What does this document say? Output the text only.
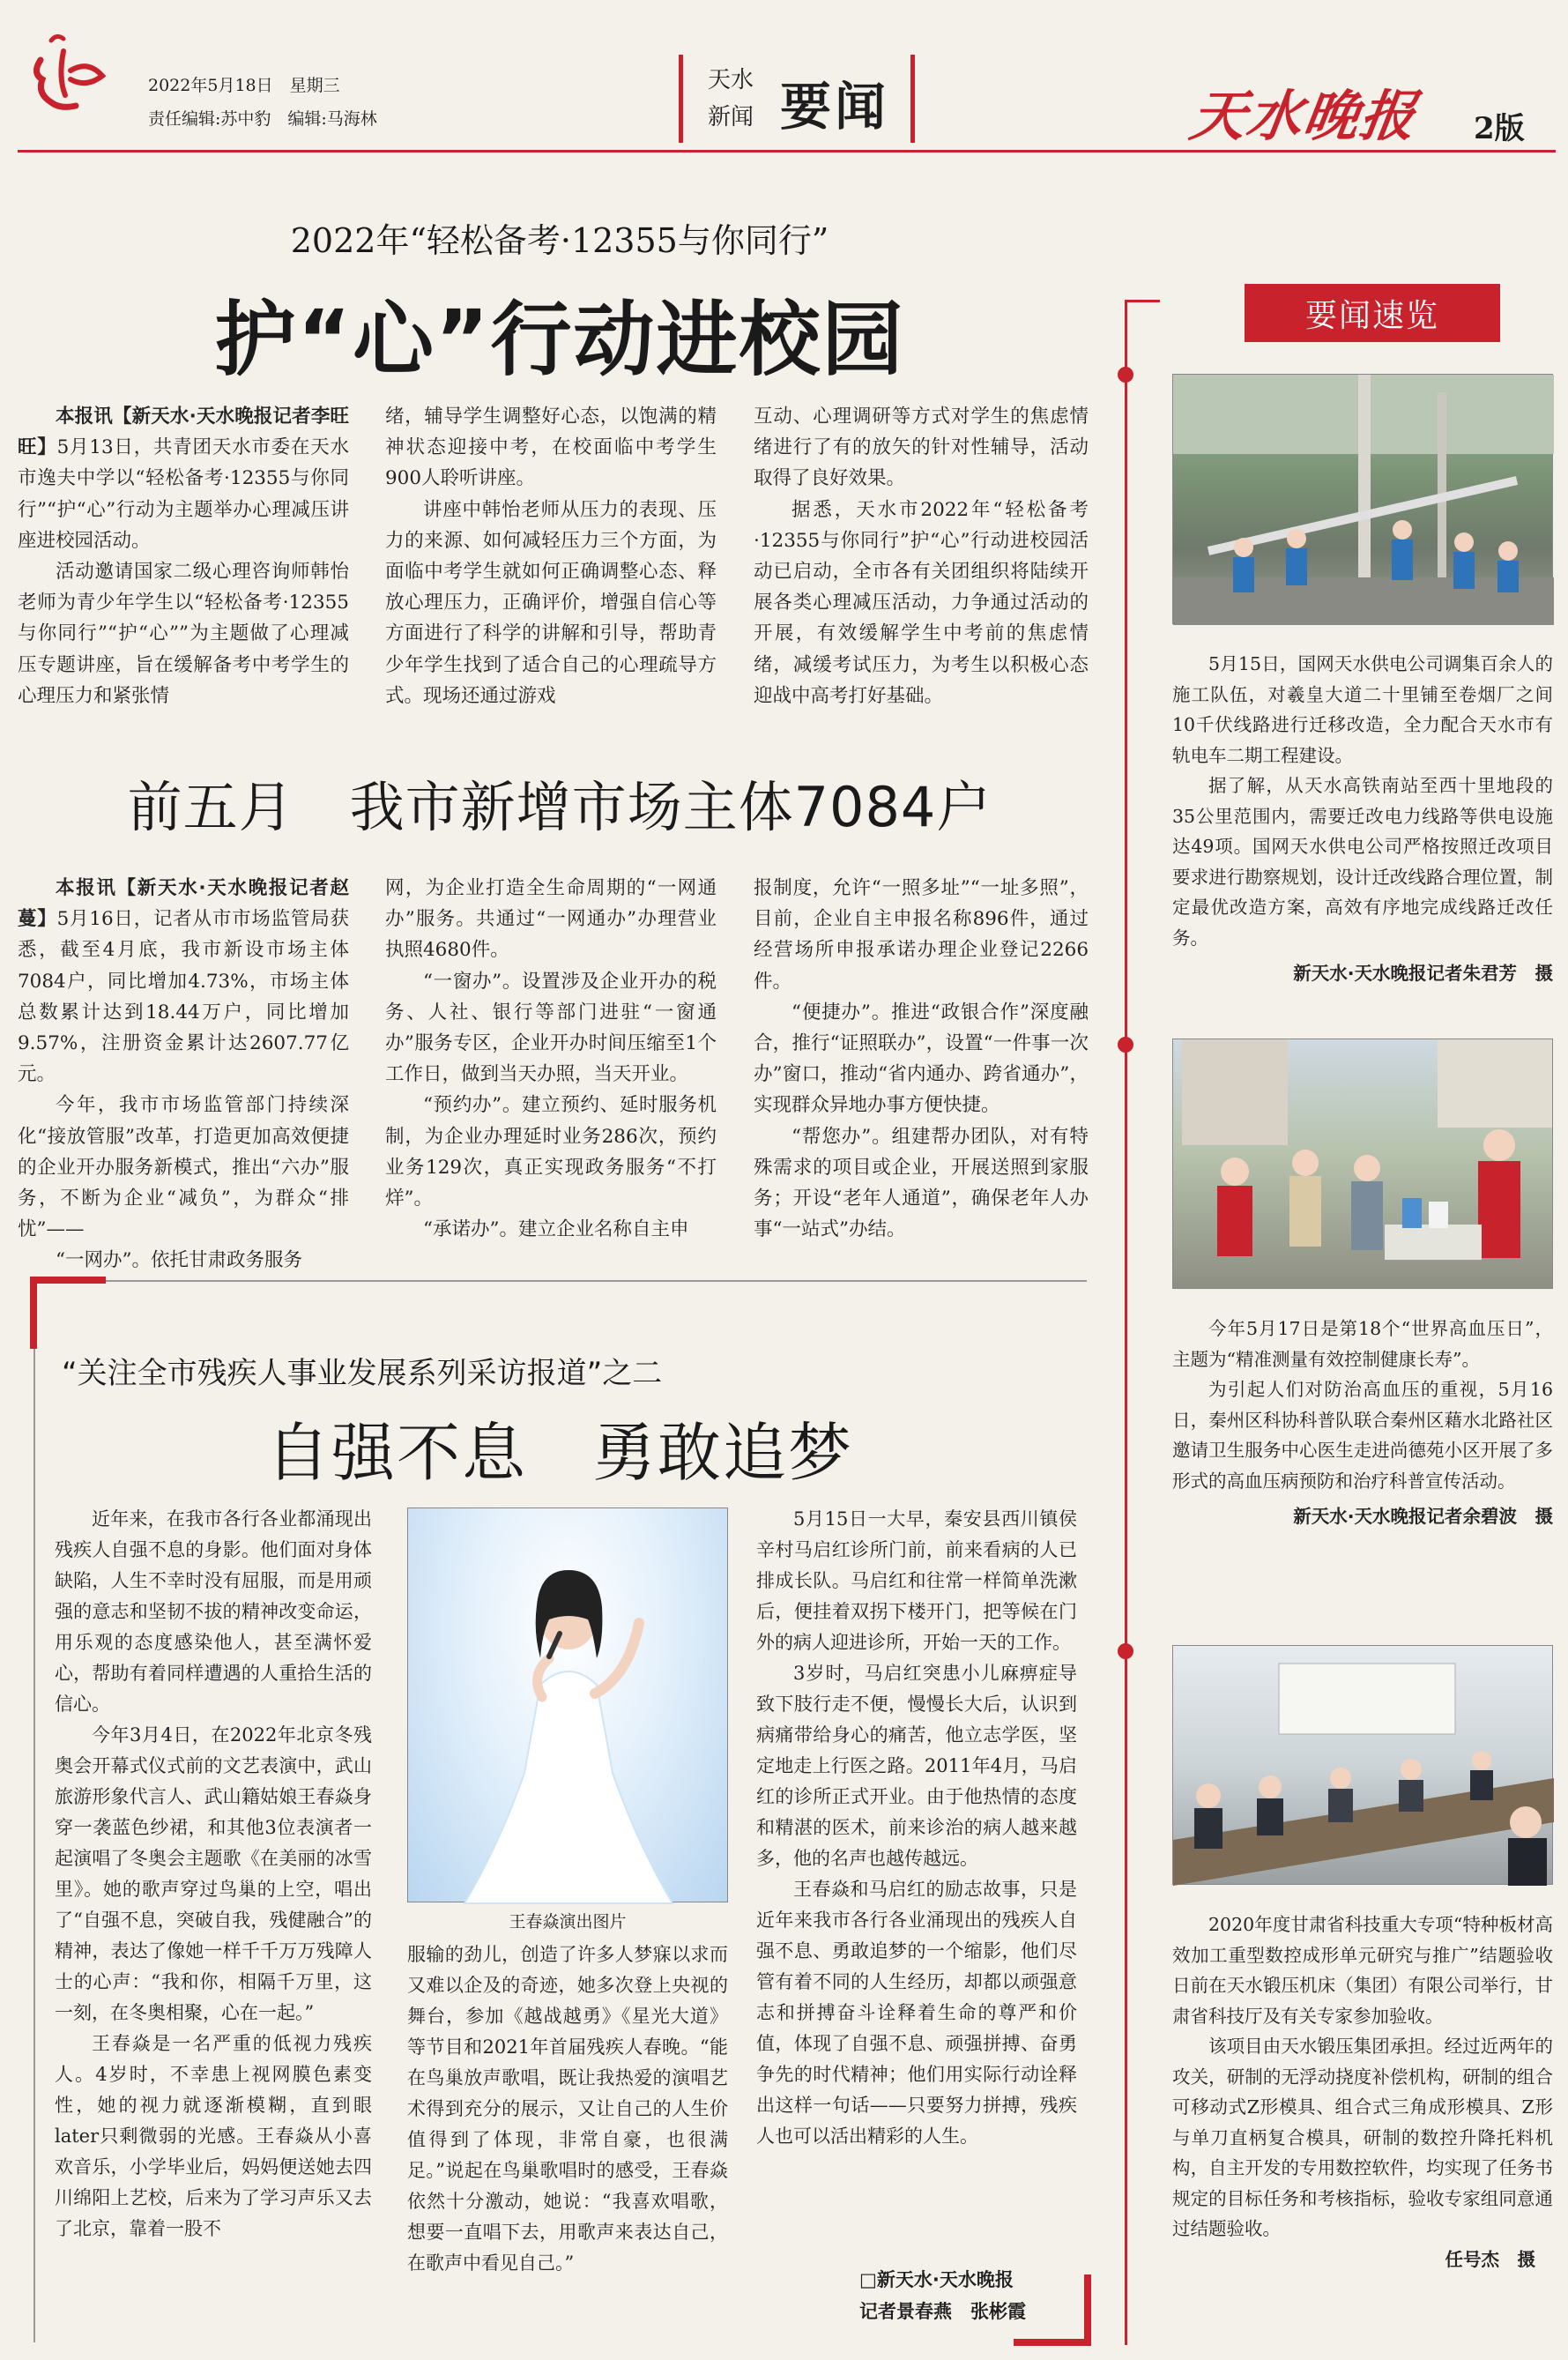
2022年5月18日　星期三
责任编辑:苏中豹　编辑:马海林
天水
新闻 要闻	天水晚报 2版
2022年“轻松备考·12355与你同行”
护“心”行动进校园

本报讯【新天水·天水晚报记者李旺旺】5月13日，共青团天水市委在天水市逸夫中学以“轻松备考·12355与你同行”“护“心”行动为主题举办心理减压讲座进校园活动。

活动邀请国家二级心理咨询师韩怡老师为青少年学生以“轻松备考·12355与你同行”“护“心””为主题做了心理减压专题讲座，旨在缓解备考中考学生的心理压力和紧张情

绪，辅导学生调整好心态，以饱满的精神状态迎接中考，在校面临中考学生900人聆听讲座。

讲座中韩怡老师从压力的表现、压力的来源、如何减轻压力三个方面，为面临中考学生就如何正确调整心态、释放心理压力，正确评价，增强自信心等方面进行了科学的讲解和引导，帮助青少年学生找到了适合自己的心理疏导方式。现场还通过游戏

互动、心理调研等方式对学生的焦虑情绪进行了有的放矢的针对性辅导，活动取得了良好效果。

据悉，天水市2022年“轻松备考·12355与你同行”护“心”行动进校园活动已启动，全市各有关团组织将陆续开展各类心理减压活动，力争通过活动的开展，有效缓解学生中考前的焦虑情绪，减缓考试压力，为考生以积极心态迎战中高考打好基础。

前五月　我市新增市场主体7084户

本报讯【新天水·天水晚报记者赵蔓】5月16日，记者从市市场监管局获悉，截至4月底，我市新设市场主体7084户，同比增加4.73%，市场主体总数累计达到18.44万户，同比增加9.57%，注册资金累计达2607.77亿元。

今年，我市市场监管部门持续深化“接放管服”改革，打造更加高效便捷的企业开办服务新模式，推出“六办”服务，不断为企业“减负”，为群众“排忧”——

“一网办”。依托甘肃政务服务

网，为企业打造全生命周期的“一网通办”服务。共通过“一网通办”办理营业执照4680件。

“一窗办”。设置涉及企业开办的税务、人社、银行等部门进驻“一窗通办”服务专区，企业开办时间压缩至1个工作日，做到当天办照，当天开业。

“预约办”。建立预约、延时服务机制，为企业办理延时业务286次，预约业务129次，真正实现政务服务“不打烊”。

“承诺办”。建立企业名称自主申

报制度，允许“一照多址”“一址多照”，目前，企业自主申报名称896件，通过经营场所申报承诺办理企业登记2266件。

“便捷办”。推进“政银合作”深度融合，推行“证照联办”，设置“一件事一次办”窗口，推动“省内通办、跨省通办”，实现群众异地办事方便快捷。

“帮您办”。组建帮办团队，对有特殊需求的项目或企业，开展送照到家服务；开设“老年人通道”，确保老年人办事“一站式”办结。

“关注全市残疾人事业发展系列采访报道”之二
自强不息　勇敢追梦

近年来，在我市各行各业都涌现出残疾人自强不息的身影。他们面对身体缺陷，人生不幸时没有屈服，而是用顽强的意志和坚韧不拔的精神改变命运，用乐观的态度感染他人，甚至满怀爱心，帮助有着同样遭遇的人重拾生活的信心。

今年3月4日，在2022年北京冬残奥会开幕式仪式前的文艺表演中，武山旅游形象代言人、武山籍姑娘王春焱身穿一袭蓝色纱裙，和其他3位表演者一起演唱了冬奥会主题歌《在美丽的冰雪里》。她的歌声穿过鸟巢的上空，唱出了“自强不息，突破自我，残健融合”的精神，表达了像她一样千千万万残障人士的心声：“我和你，相隔千万里，这一刻，在冬奥相聚，心在一起。”

王春焱是一名严重的低视力残疾人。4岁时，不幸患上视网膜色素变性，她的视力就逐渐模糊，直到眼later只剩微弱的光感。王春焱从小喜欢音乐，小学毕业后，妈妈便送她去四川绵阳上艺校，后来为了学习声乐又去了北京，靠着一股不

王春焱演出图片

服输的劲儿，创造了许多人梦寐以求而又难以企及的奇迹，她多次登上央视的舞台，参加《越战越勇》《星光大道》等节目和2021年首届残疾人春晚。“能在鸟巢放声歌唱，既让我热爱的演唱艺术得到充分的展示，又让自己的人生价值得到了体现，非常自豪，也很满足。”说起在鸟巢歌唱时的感受，王春焱依然十分激动，她说：“我喜欢唱歌，想要一直唱下去，用歌声来表达自己，在歌声中看见自己。”

5月15日一大早，秦安县西川镇侯辛村马启红诊所门前，前来看病的人已排成长队。马启红和往常一样简单洗漱后，便挂着双拐下楼开门，把等候在门外的病人迎进诊所，开始一天的工作。

3岁时，马启红突患小儿麻痹症导致下肢行走不便，慢慢长大后，认识到病痛带给身心的痛苦，他立志学医，坚定地走上行医之路。2011年4月，马启红的诊所正式开业。由于他热情的态度和精湛的医术，前来诊治的病人越来越多，他的名声也越传越远。

王春焱和马启红的励志故事，只是近年来我市各行各业涌现出的残疾人自强不息、勇敢追梦的一个缩影，他们尽管有着不同的人生经历，却都以顽强意志和拼搏奋斗诠释着生命的尊严和价值，体现了自强不息、顽强拼搏、奋勇争先的时代精神；他们用实际行动诠释出这样一句话——只要努力拼搏，残疾人也可以活出精彩的人生。

□新天水·天水晚报
记者景春燕　张彬霞
要闻速览

5月15日，国网天水供电公司调集百余人的施工队伍，对羲皇大道二十里铺至卷烟厂之间10千伏线路进行迁移改造，全力配合天水市有轨电车二期工程建设。

据了解，从天水高铁南站至西十里地段的35公里范围内，需要迁改电力线路等供电设施达49项。国网天水供电公司严格按照迁改项目要求进行勘察规划，设计迁改线路合理位置，制定最优改造方案，高效有序地完成线路迁改任务。

新天水·天水晚报记者朱君芳　摄

今年5月17日是第18个“世界高血压日”，主题为“精准测量有效控制健康长寿”。

为引起人们对防治高血压的重视，5月16日，秦州区科协科普队联合秦州区藉水北路社区邀请卫生服务中心医生走进尚德苑小区开展了多形式的高血压病预防和治疗科普宣传活动。

新天水·天水晚报记者余碧波　摄

2020年度甘肃省科技重大专项“特种板材高效加工重型数控成形单元研究与推广”结题验收日前在天水锻压机床（集团）有限公司举行，甘肃省科技厅及有关专家参加验收。

该项目由天水锻压集团承担。经过近两年的攻关，研制的无浮动挠度补偿机构，研制的组合可移动式Z形模具、组合式三角成形模具、Z形与单刀直柄复合模具，研制的数控升降托料机构，自主开发的专用数控软件，均实现了任务书规定的目标任务和考核指标，验收专家组同意通过结题验收。

任号杰　摄
